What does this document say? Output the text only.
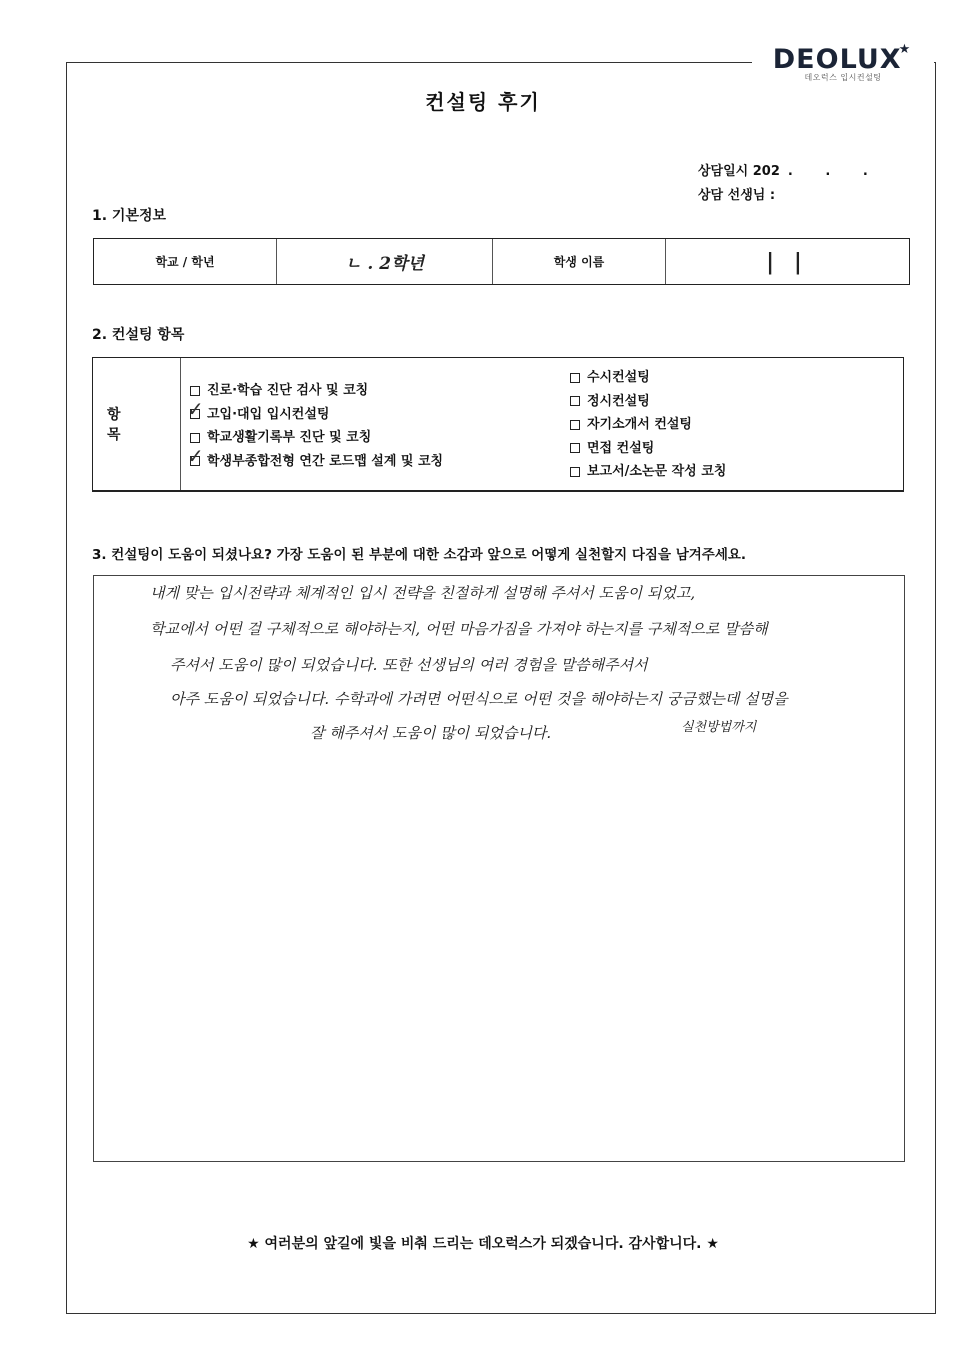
DEOLUX★
데오럭스 입시컨설팅
컨설팅 후기
상담일시 202 . . .
상담 선생님 :
1. 기본정보
학교 / 학년	ㄴ . 2학년	학생 이름	| |
2. 컨설팅 항목
항 목
진로·학습 진단 검사 및 코칭
✓ 고입·대입 입시컨설팅
학교생활기록부 진단 및 코칭
✓ 학생부종합전형 연간 로드맵 설계 및 코칭
수시컨설팅
정시컨설팅
자기소개서 컨설팅
면접 컨설팅
보고서/소논문 작성 코칭
3. 컨설팅이 도움이 되셨나요? 가장 도움이 된 부분에 대한 소감과 앞으로 어떻게 실천할지 다짐을 남겨주세요.
내게 맞는 입시전략과 체계적인 입시 전략을 친절하게 설명해 주셔서 도움이 되었고,
학교에서 어떤 걸 구체적으로 해야하는지, 어떤 마음가짐을 가져야 하는지를 구체적으로 말씀해
주셔서 도움이 많이 되었습니다. 또한 선생님의 여러 경험을 말씀해주셔서
아주 도움이 되었습니다. 수학과에 가려면 어떤식으로 어떤 것을 해야하는지 궁금했는데 설명을
잘 해주셔서 도움이 많이 되었습니다.	실천방법까지
★ 여러분의 앞길에 빛을 비춰 드리는 데오럭스가 되겠습니다. 감사합니다. ★
